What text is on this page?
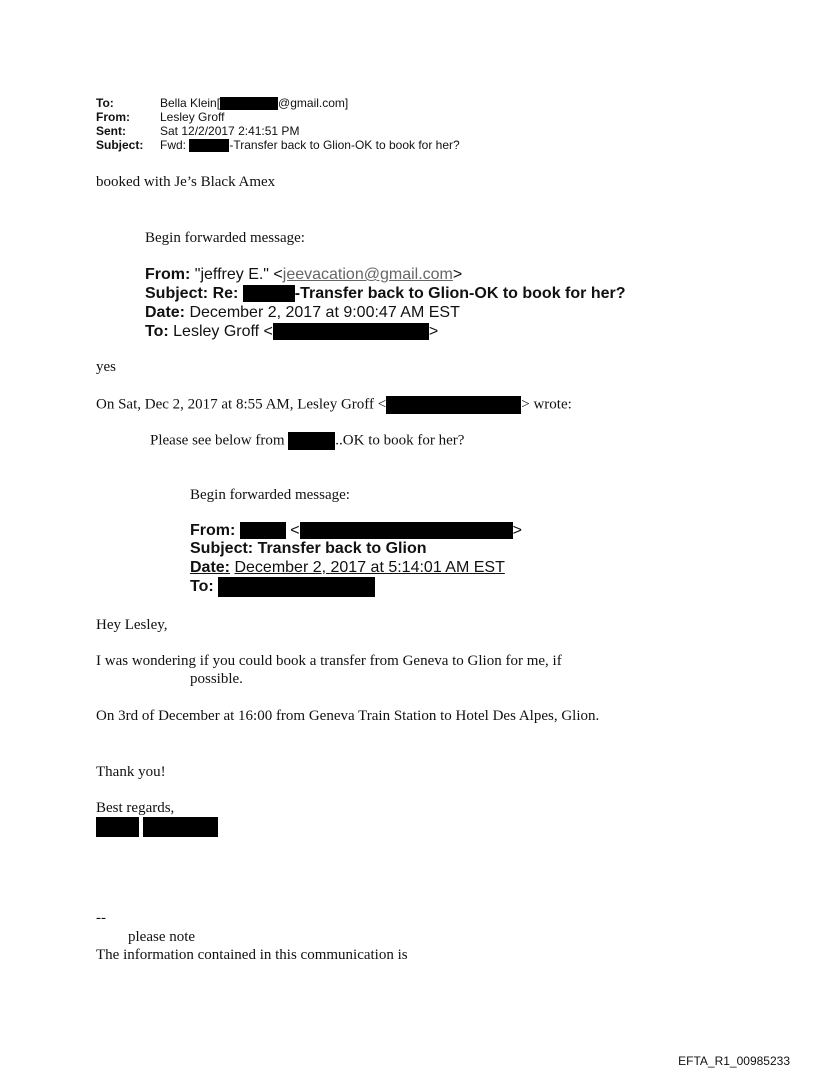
To:	Bella Klein[	@gmail.com]
From:	Lesley Groff
Sent:	Sat 12/2/2017 2:41:51 PM
Subject: Fwd:	-Transfer back to Glion-OK to book for her?
booked with Je’s Black Amex
Begin forwarded message:
From: "jeffrey E." <jeevacation@gmail.com>
Subject: Re:	-Transfer back to Glion-OK to book for her?
Date: December 2, 2017 at 9:00:47 AM EST
To: Lesley Groff <	>
yes
On Sat, Dec 2, 2017 at 8:55 AM, Lesley Groff <	> wrote:
Please see below from	..OK to book for her?
Begin forwarded message:
From:	<	>
Subject: Transfer back to Glion
Date: December 2, 2017 at 5:14:01 AM EST
To:
Hey Lesley,
I was wondering if you could book a transfer from Geneva to Glion for me, if
possible.
On 3rd of December at 16:00 from Geneva Train Station to Hotel Des Alpes, Glion.
Thank you!
Best regards,
--
please note
The information contained in this communication is
EFTA_R1_00985233
